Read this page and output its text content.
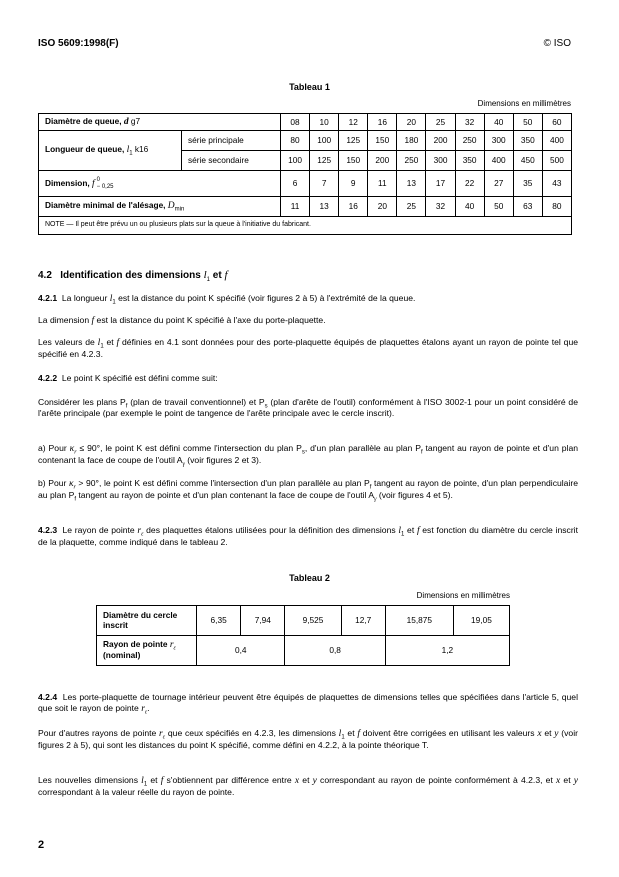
ISO 5609:1998(F)	© ISO
Tableau 1
Dimensions en millimètres
Diamètre de queue, d g7		08	10	12	16	20	25	32	40	50	60
Longueur de queue, $l_1$ k16	série principale	80	100	125	150	180	200	250	300	350	400
	série secondaire	100	125	150	200	250	300	350	400	450	500
Dimension, f 0
− 0,25		6	7	9	11	13	17	22	27	35	43
Diamètre minimal de l'alésage, $D_{min}$		11	13	16	20	25	32	40	50	63	80
NOTE — Il peut être prévu un ou plusieurs plats sur la queue à l'initiative du fabricant.											
4.2 Identification des dimensions $l_1$ et f
4.2.1 La longueur $l_1$ est la distance du point K spécifié (voir figures 2 à 5) à l'extrémité de la queue.
La dimension f est la distance du point K spécifié à l'axe du porte-plaquette.
Les valeurs de $l_1$ et f définies en 4.1 sont données pour des porte-plaquette équipés de plaquettes étalons ayant un rayon de pointe tel que spécifié en 4.2.3.
4.2.2 Le point K spécifié est défini comme suit:
Considérer les plans $P_f$ (plan de travail conventionnel) et $P_s$ (plan d'arête de l'outil) conformément à l'ISO 3002-1 pour un point considéré de l'arête principale (par exemple le point de tangence de l'arête principale avec le cercle inscrit).
a) Pour $\kappa_r \le 90^\circ$, le point K est défini comme l'intersection du plan $P_s$, d'un plan parallèle au plan $P_f$ tangent au rayon de pointe et d'un plan contenant la face de coupe de l'outil $A_\gamma$ (voir figures 2 et 3).
b) Pour $\kappa_r > 90^\circ$, le point K est défini comme l'intersection d'un plan parallèle au plan $P_f$ tangent au rayon de pointe, d'un plan perpendiculaire au plan $P_f$ tangent au rayon de pointe et d'un plan contenant la face de coupe de l'outil $A_\gamma$ (voir figures 4 et 5).
4.2.3 Le rayon de pointe $r_\varepsilon$ des plaquettes étalons utilisées pour la définition des dimensions $l_1$ et f est fonction du diamètre du cercle inscrit de la plaquette, comme indiqué dans le tableau 2.
Tableau 2
Dimensions en millimètres
Diamètre du cercle inscrit	6,35	7,94	9,525	12,7	15,875	19,05
Rayon de pointe $r_\varepsilon$
(nominal)	0,4		0,8		1,2	
4.2.4 Les porte-plaquette de tournage intérieur peuvent être équipés de plaquettes de dimensions telles que spécifiées dans l'article 5, quel que soit le rayon de pointe $r_\varepsilon$.
Pour d'autres rayons de pointe $r_\varepsilon$ que ceux spécifiés en 4.2.3, les dimensions $l_1$ et f doivent être corrigées en utilisant les valeurs x et y (voir figures 2 à 5), qui sont les distances du point K spécifié, comme défini en 4.2.2, à la pointe théorique T.
Les nouvelles dimensions $l_1$ et f s'obtiennent par différence entre x et y correspondant au rayon de pointe conformément à 4.2.3, et x et y correspondant à la valeur réelle du rayon de pointe.
2
